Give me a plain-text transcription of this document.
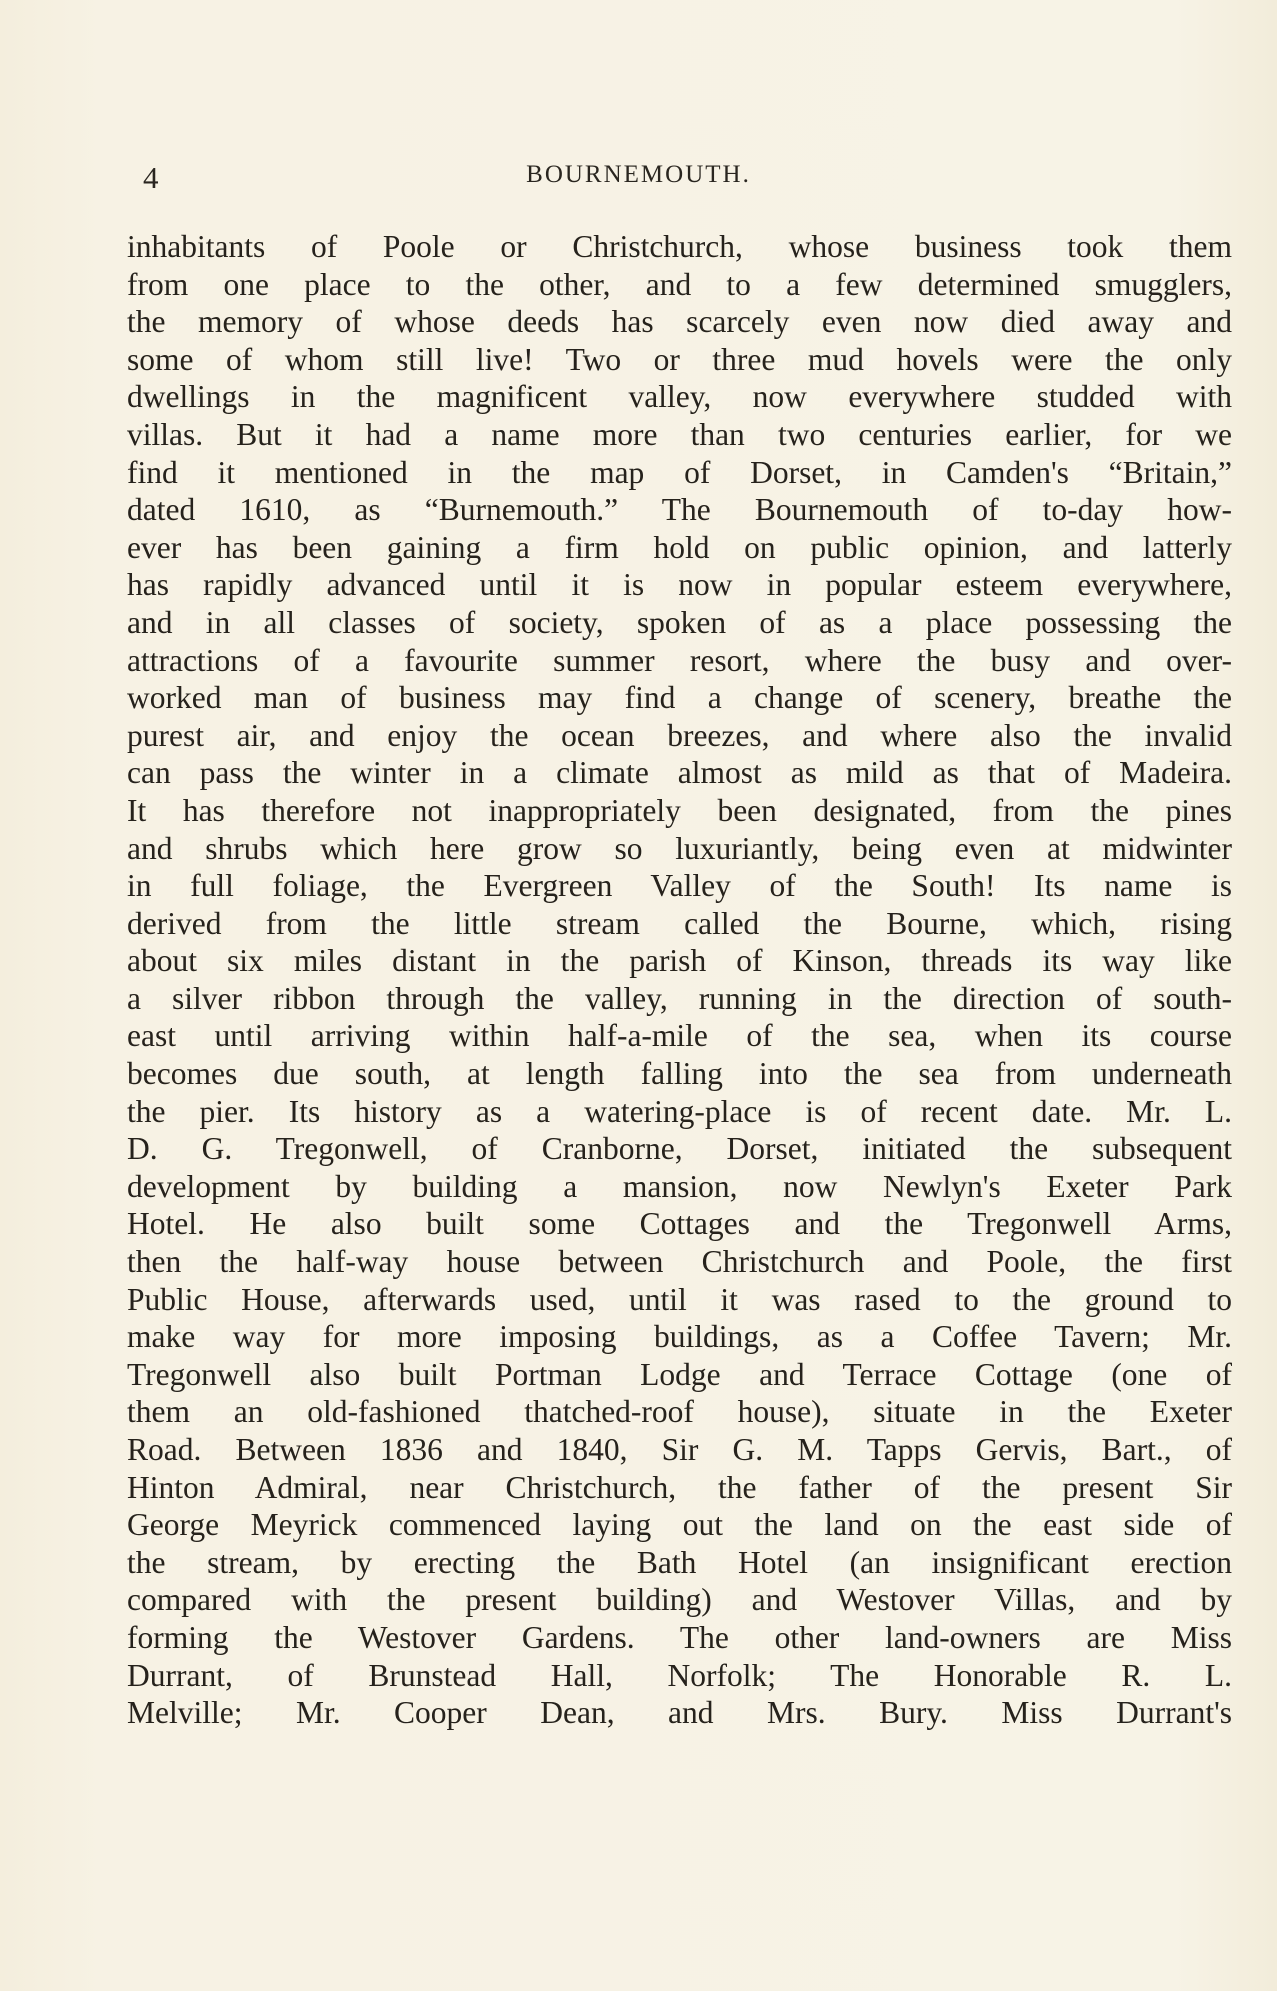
4	BOURNEMOUTH.
inhabitants of Poole or Christchurch, whose business took them
from one place to the other, and to a few determined smugglers,
the memory of whose deeds has scarcely even now died away and
some of whom still live! Two or three mud hovels were the only
dwellings in the magnificent valley, now everywhere studded with
villas. But it had a name more than two centuries earlier, for we
find it mentioned in the map of Dorset, in Camden's “Britain,”
dated 1610, as “Burnemouth.” The Bournemouth of to-day how-
ever has been gaining a firm hold on public opinion, and latterly
has rapidly advanced until it is now in popular esteem everywhere,
and in all classes of society, spoken of as a place possessing the
attractions of a favourite summer resort, where the busy and over-
worked man of business may find a change of scenery, breathe the
purest air, and enjoy the ocean breezes, and where also the invalid
can pass the winter in a climate almost as mild as that of Madeira.
It has therefore not inappropriately been designated, from the pines
and shrubs which here grow so luxuriantly, being even at midwinter
in full foliage, the Evergreen Valley of the South! Its name is
derived from the little stream called the Bourne, which, rising
about six miles distant in the parish of Kinson, threads its way like
a silver ribbon through the valley, running in the direction of south-
east until arriving within half-a-mile of the sea, when its course
becomes due south, at length falling into the sea from underneath
the pier. Its history as a watering-place is of recent date. Mr. L.
D. G. Tregonwell, of Cranborne, Dorset, initiated the subsequent
development by building a mansion, now Newlyn's Exeter Park
Hotel. He also built some Cottages and the Tregonwell Arms,
then the half-way house between Christchurch and Poole, the first
Public House, afterwards used, until it was rased to the ground to
make way for more imposing buildings, as a Coffee Tavern; Mr.
Tregonwell also built Portman Lodge and Terrace Cottage (one of
them an old-fashioned thatched-roof house), situate in the Exeter
Road. Between 1836 and 1840, Sir G. M. Tapps Gervis, Bart., of
Hinton Admiral, near Christchurch, the father of the present Sir
George Meyrick commenced laying out the land on the east side of
the stream, by erecting the Bath Hotel (an insignificant erection
compared with the present building) and Westover Villas, and by
forming the Westover Gardens. The other land-owners are Miss
Durrant, of Brunstead Hall, Norfolk; The Honorable R. L.
Melville; Mr. Cooper Dean, and Mrs. Bury. Miss Durrant's
